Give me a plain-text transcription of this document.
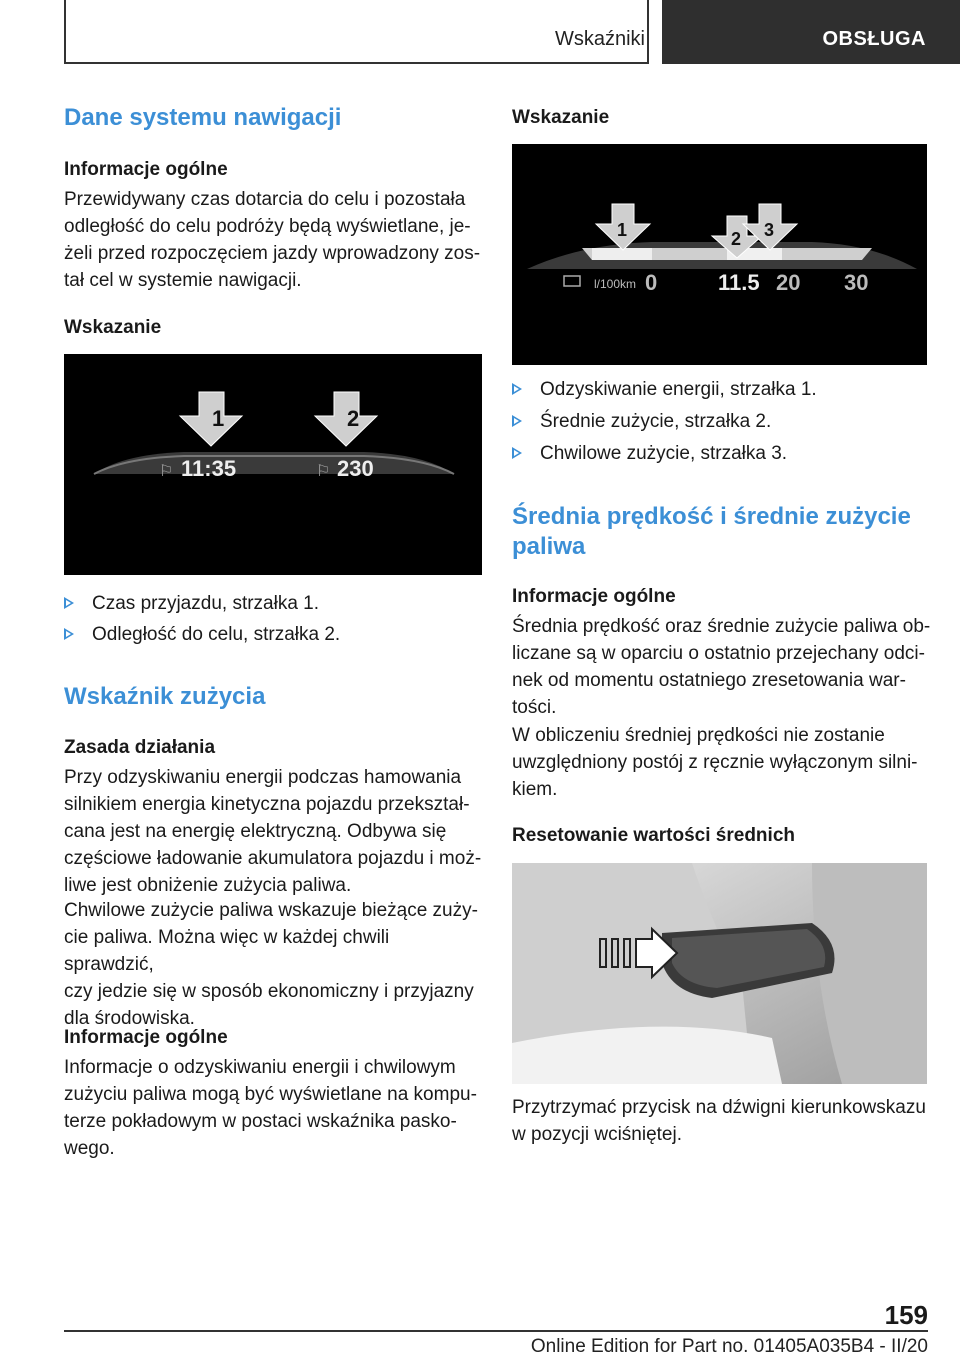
Wskaźniki	OBSŁUGA
Dane systemu nawigacji
Informacje ogólne
Przewidywany czas dotarcia do celu i pozostała
odległość do celu podróży będą wyświetlane, je‐
żeli przed rozpoczęciem jazdy wprowadzony zos‐
tał cel w systemie nawigacji.
Wskazanie
1	2
⚐ 11:35	⚐ 230
Czas przyjazdu, strzałka 1.
Odległość do celu, strzałka 2.
Wskaźnik zużycia
Zasada działania
Przy odzyskiwaniu energii podczas hamowania
silnikiem energia kinetyczna pojazdu przekształ‐
cana jest na energię elektryczną. Odbywa się
częściowe ładowanie akumulatora pojazdu i moż‐
liwe jest obniżenie zużycia paliwa.
Chwilowe zużycie paliwa wskazuje bieżące zuży‐
cie paliwa. Można więc w każdej chwili sprawdzić,
czy jedzie się w sposób ekonomiczny i przyjazny
dla środowiska.
Informacje ogólne
Informacje o odzyskiwaniu energii i chwilowym
zużyciu paliwa mogą być wyświetlane na kompu‐
terze pokładowym w postaci wskaźnika pasko‐
wego.
Wskazanie
1	2 3
l/100km 0	11.5 20 30
Odzyskiwanie energii, strzałka 1.
Średnie zużycie, strzałka 2.
Chwilowe zużycie, strzałka 3.
Średnia prędkość i średnie zużycie
paliwa
Informacje ogólne
Średnia prędkość oraz średnie zużycie paliwa ob‐
liczane są w oparciu o ostatnio przejechany odci‐
nek od momentu ostatniego zresetowania war‐
tości.
W obliczeniu średniej prędkości nie zostanie
uwzględniony postój z ręcznie wyłączonym silni‐
kiem.
Resetowanie wartości średnich
Przytrzymać przycisk na dźwigni kierunkowskazu
w pozycji wciśniętej.
159
Online Edition for Part no. 01405A035B4 - II/20
